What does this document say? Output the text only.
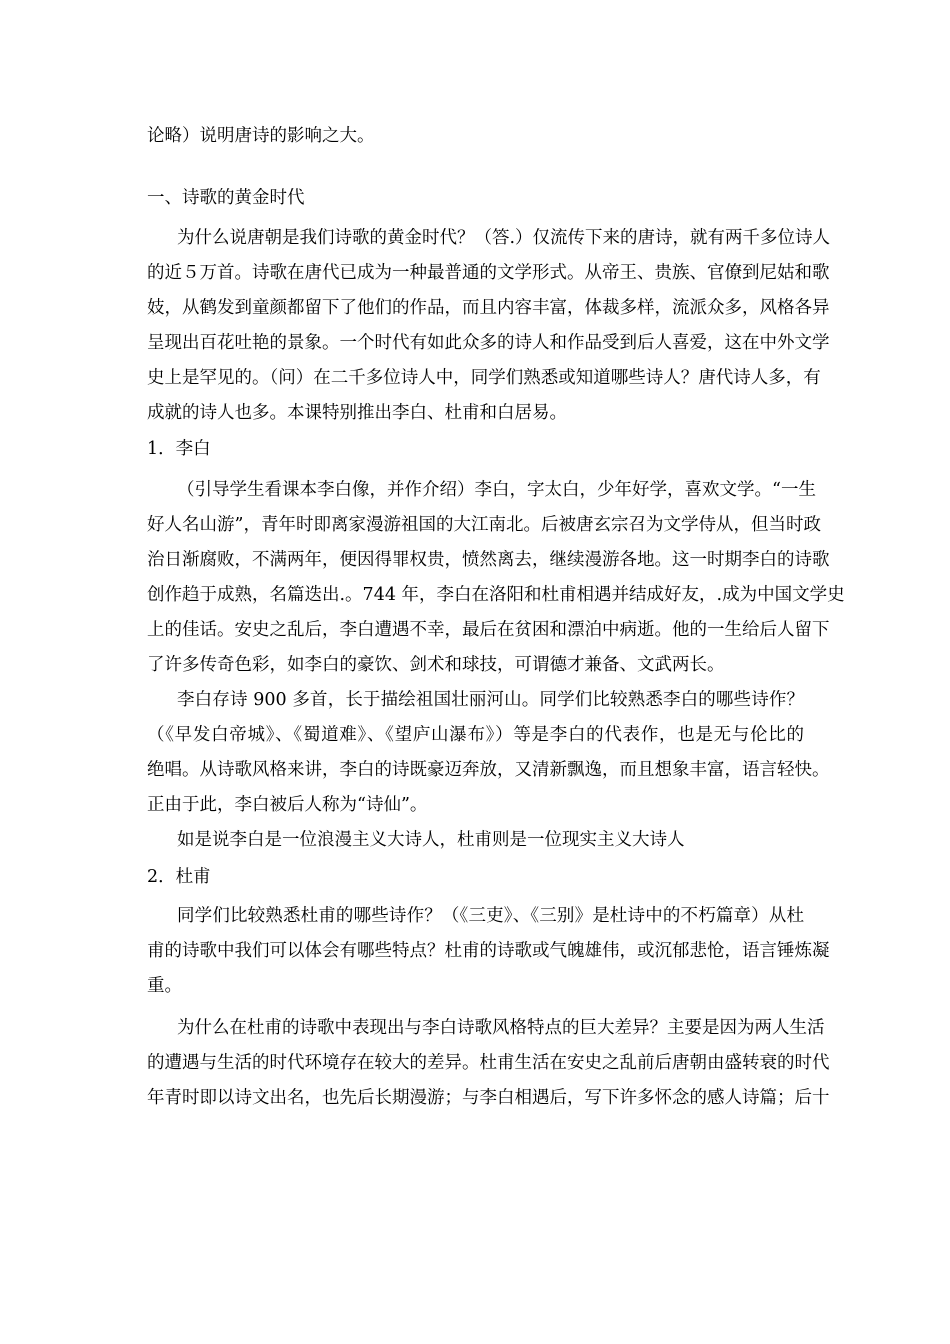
论略）说明唐诗的影响之大。
一、诗歌的黄金时代
为什么说唐朝是我们诗歌的黄金时代？（答.）仅流传下来的唐诗，就有两千多位诗人
的近５万首。诗歌在唐代已成为一种最普通的文学形式。从帝王、贵族、官僚到尼姑和歌
妓，从鹤发到童颜都留下了他们的作品，而且内容丰富，体裁多样，流派众多，风格各异
呈现出百花吐艳的景象。一个时代有如此众多的诗人和作品受到后人喜爱，这在中外文学
史上是罕见的。（问）在二千多位诗人中，同学们熟悉或知道哪些诗人？唐代诗人多，有
成就的诗人也多。本课特别推出李白、杜甫和白居易。
1．李白
（引导学生看课本李白像，并作介绍）李白，字太白，少年好学，喜欢文学。“一生
好人名山游”，青年时即离家漫游祖国的大江南北。后被唐玄宗召为文学侍从，但当时政
治日渐腐败，不满两年，便因得罪权贵，愤然离去，继续漫游各地。这一时期李白的诗歌
创作趋于成熟，名篇迭出.。744 年，李白在洛阳和杜甫相遇并结成好友，.成为中国文学史
上的佳话。安史之乱后，李白遭遇不幸，最后在贫困和漂泊中病逝。他的一生给后人留下
了许多传奇色彩，如李白的豪饮、剑术和球技，可谓德才兼备、文武两长。
李白存诗 900 多首，长于描绘祖国壮丽河山。同学们比较熟悉李白的哪些诗作？
（《早发白帝城》、《蜀道难》、《望庐山瀑布》）等是李白的代表作，也是无与伦比的
绝唱。从诗歌风格来讲，李白的诗既豪迈奔放，又清新飘逸，而且想象丰富，语言轻快。
正由于此，李白被后人称为“诗仙”。
如是说李白是一位浪漫主义大诗人，杜甫则是一位现实主义大诗人
2．杜甫
同学们比较熟悉杜甫的哪些诗作？（《三吏》、《三别》是杜诗中的不朽篇章）从杜
甫的诗歌中我们可以体会有哪些特点？杜甫的诗歌或气魄雄伟，或沉郁悲怆，语言锤炼凝
重。
为什么在杜甫的诗歌中表现出与李白诗歌风格特点的巨大差异？主要是因为两人生活
的遭遇与生活的时代环境存在较大的差异。杜甫生活在安史之乱前后唐朝由盛转衰的时代
年青时即以诗文出名，也先后长期漫游；与李白相遇后，写下许多怀念的感人诗篇；后十
